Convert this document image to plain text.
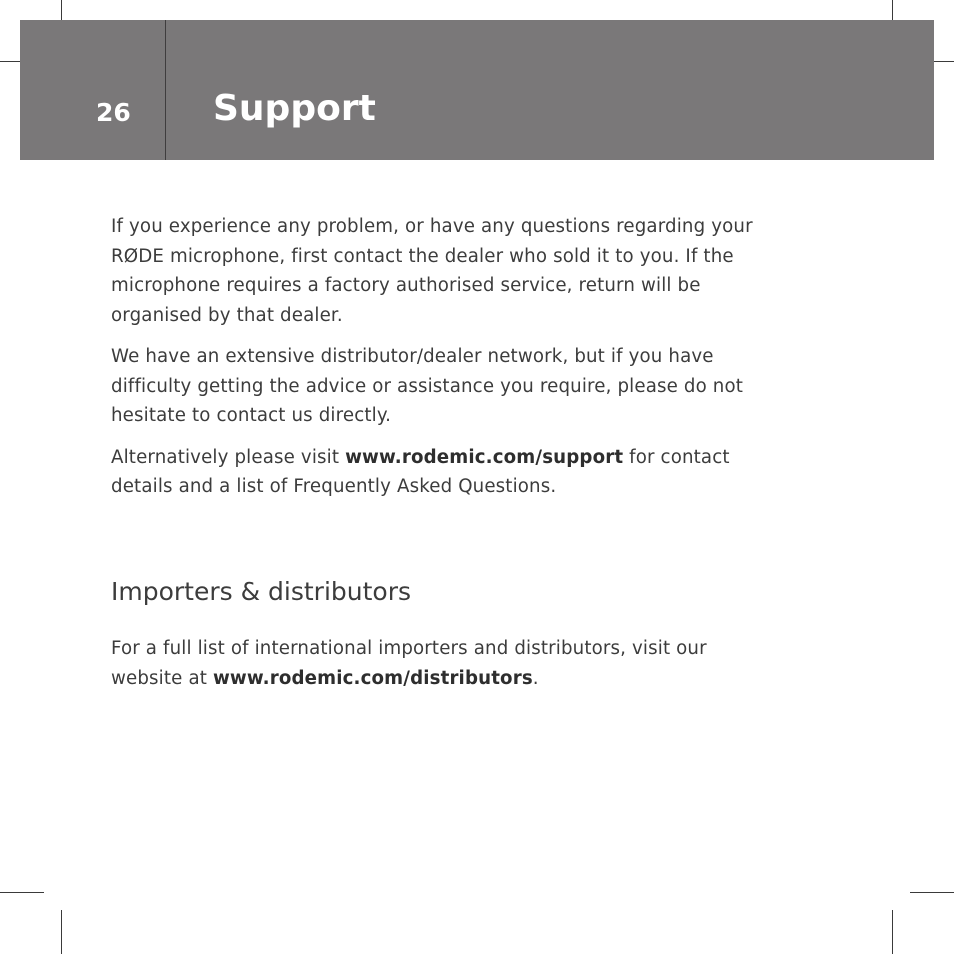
26 Support

If you experience any problem, or have any questions regarding your
RØDE microphone, first contact the dealer who sold it to you. If the
microphone requires a factory authorised service, return will be
organised by that dealer.

We have an extensive distributor/dealer network, but if you have
difficulty getting the advice or assistance you require, please do not
hesitate to contact us directly.

Alternatively please visit www.rodemic.com/support for contact
details and a list of Frequently Asked Questions.

Importers & distributors

For a full list of international importers and distributors, visit our
website at www.rodemic.com/distributors.
